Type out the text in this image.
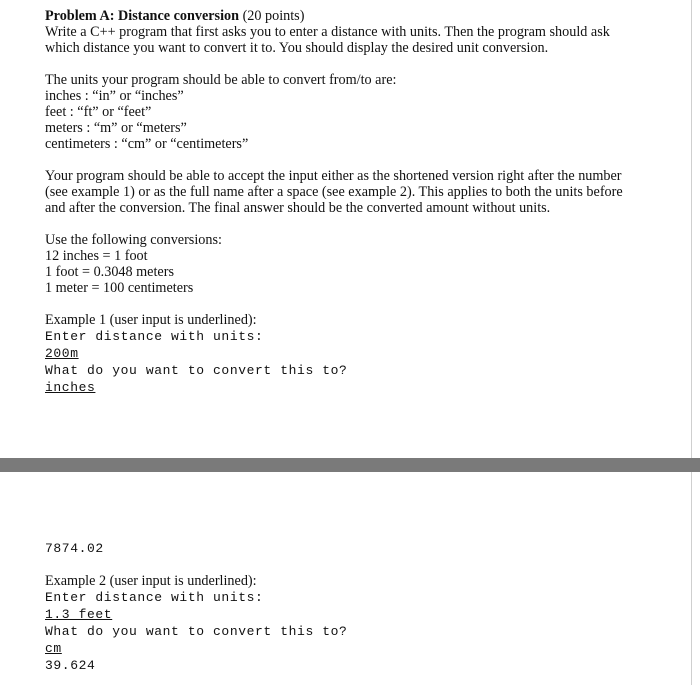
Problem A: Distance conversion (20 points)
Write a C++ program that first asks you to enter a distance with units. Then the program should ask
which distance you want to convert it to. You should display the desired unit conversion.
The units your program should be able to convert from/to are:
inches : “in” or “inches”
feet : “ft” or “feet”
meters : “m” or “meters”
centimeters : “cm” or “centimeters”
Your program should be able to accept the input either as the shortened version right after the number
(see example 1) or as the full name after a space (see example 2). This applies to both the units before
and after the conversion. The final answer should be the converted amount without units.
Use the following conversions:
12 inches = 1 foot
1 foot = 0.3048 meters
1 meter = 100 centimeters
Example 1 (user input is underlined):
Enter distance with units:
200m
What do you want to convert this to?
inches
7874.02
Example 2 (user input is underlined):
Enter distance with units:
1.3 feet
What do you want to convert this to?
cm
39.624
